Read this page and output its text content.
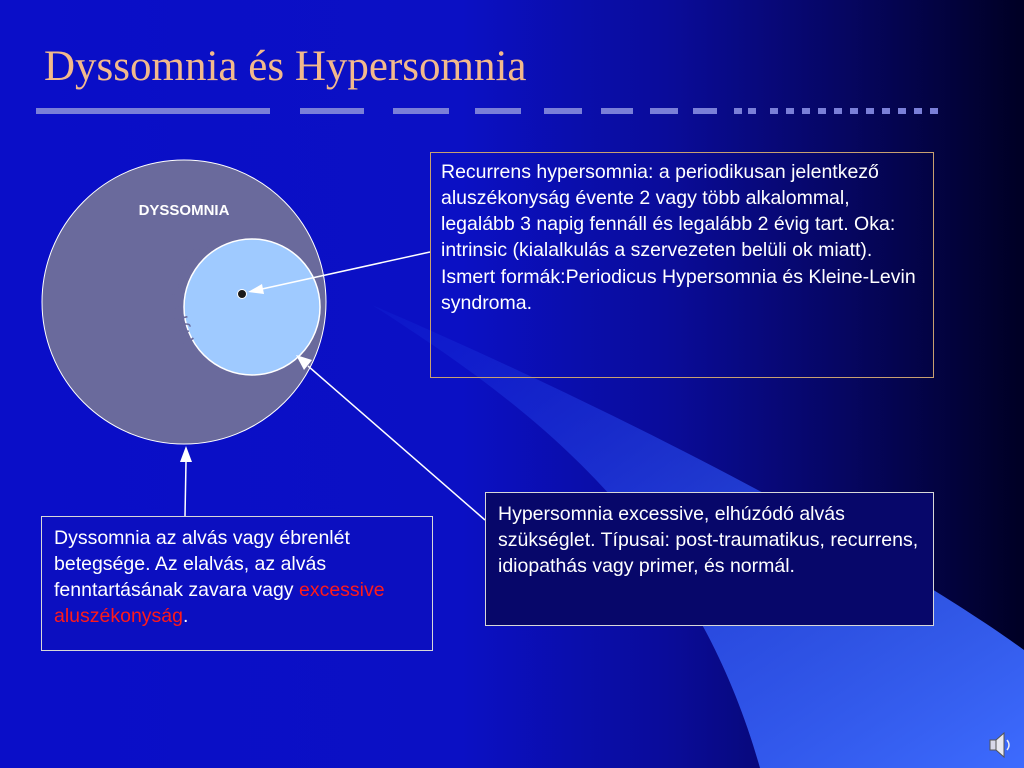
DYSSOMNIA
Hypersomnia
Dyssomnia és Hypersomnia
Recurrens hypersomnia: a periodikusan jelentkező aluszékonyság évente 2 vagy több alkalommal, legalább 3 napig fennáll és legalább 2 évig tart. Oka: intrinsic (kialalkulás a szervezeten belüli ok miatt). Ismert formák:Periodicus Hypersomnia és Kleine-Levin syndroma.
Dyssomnia az alvás vagy ébrenlét betegsége. Az elalvás, az alvás fenntartásának zavara vagy excessive aluszékonyság.
Hypersomnia excessive, elhúzódó alvás szükséglet. Típusai: post-traumatikus, recurrens, idiopathás vagy primer, és normál.
